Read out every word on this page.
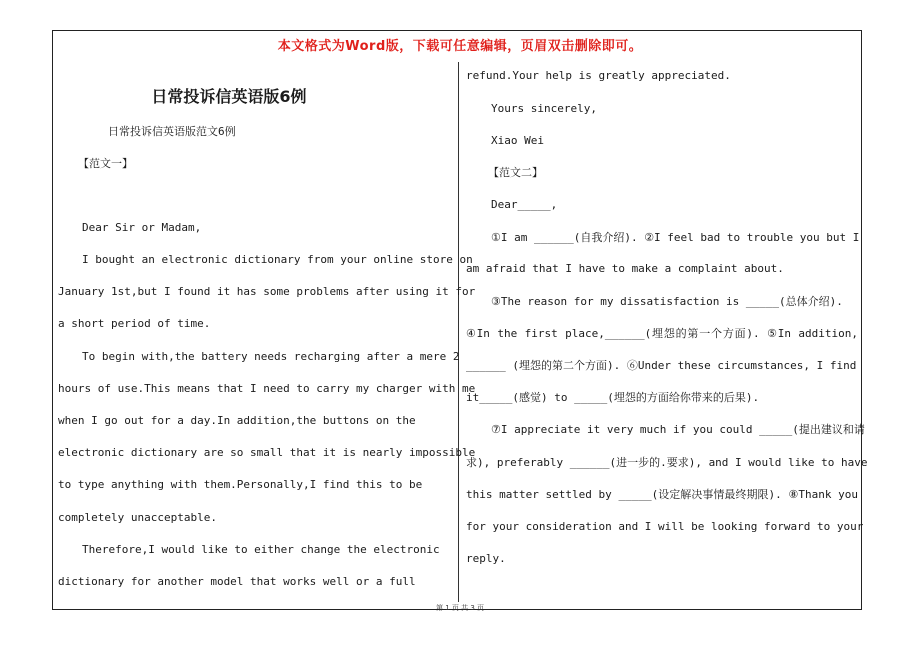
本文格式为Word版，下载可任意编辑，页眉双击删除即可。
日常投诉信英语版6例
日常投诉信英语版范文6例
【范文一】
Dear Sir or Madam,
I bought an electronic dictionary from your online store on
January 1st,but I found it has some problems after using it for
a short period of time.
To begin with,the battery needs recharging after a mere 2
hours of use.This means that I need to carry my charger with me
when I go out for a day.In addition,the buttons on the
electronic dictionary are so small that it is nearly impossible
to type anything with them.Personally,I find this to be
completely unacceptable.
Therefore,I would like to either change the electronic
dictionary for another model that works well or a full
refund.Your help is greatly appreciated.
Yours sincerely,
Xiao Wei
【范文二】
Dear_____,
①I am ______(自我介绍). ②I feel bad to trouble you but I
am afraid that I have to make a complaint about.
③The reason for my dissatisfaction is _____(总体介绍).
④In the first place,______(埋怨的第一个方面). ⑤In addition,
______ (埋怨的第二个方面). ⑥Under these circumstances, I find
it_____(感觉) to _____(埋怨的方面给你带来的后果).
⑦I appreciate it very much if you could _____(提出建议和请
求), preferably ______(进一步的.要求), and I would like to have
this matter settled by _____(设定解决事情最终期限). ⑧Thank you
for your consideration and I will be looking forward to your
reply.
第 1 页 共 3 页
